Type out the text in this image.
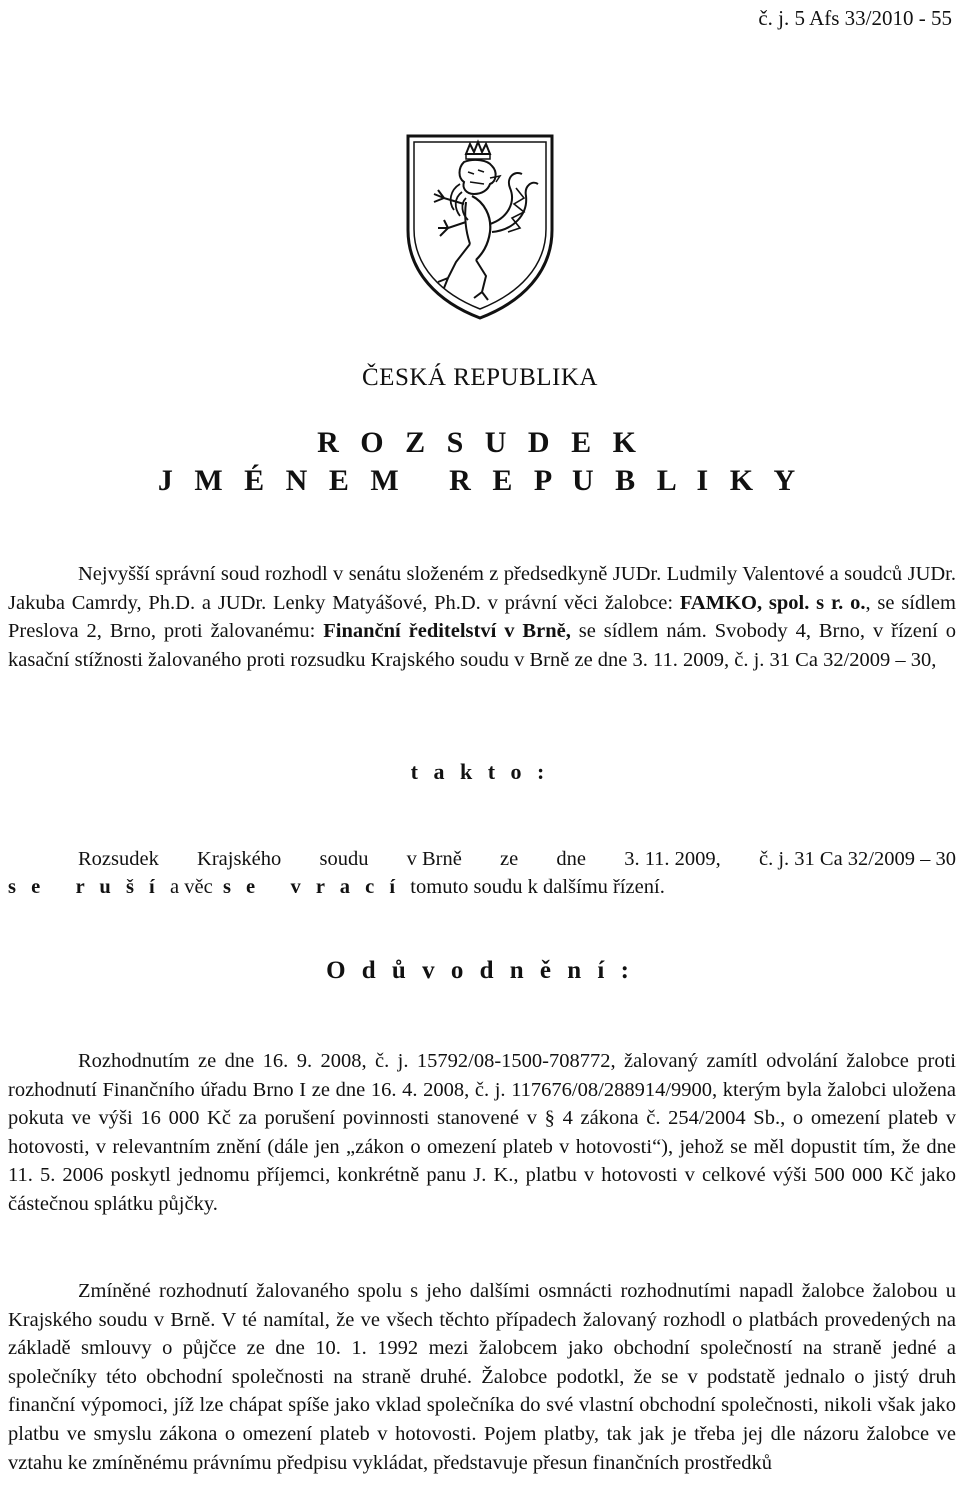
č. j. 5 Afs 33/2010 - 55
ČESKÁ REPUBLIKA
R O Z S U D E K
J M É N E M   R E P U B L I K Y

Nejvyšší správní soud rozhodl v senátu složeném z předsedkyně JUDr. Ludmily Valentové a soudců JUDr. Jakuba Camrdy, Ph.D. a JUDr. Lenky Matyášové, Ph.D. v právní věci žalobce: FAMKO, spol. s r. o., se sídlem Preslova 2, Brno, proti žalovanému: Finanční ředitelství v Brně, se sídlem nám. Svobody 4, Brno, v řízení o kasační stížnosti žalovaného proti rozsudku Krajského soudu v Brně ze dne 3. 11. 2009, č. j. 31 Ca 32/2009 – 30,

t a k t o :
Rozsudek Krajského soudu v Brně ze dne 3. 11. 2009, č. j. 31 Ca 32/2009 – 30
s e   r u š í  a věc  s e   v r a c í  tomuto soudu k dalšímu řízení.
O d ů v o d n ě n í :

Rozhodnutím ze dne 16. 9. 2008, č. j. 15792/08-1500-708772, žalovaný zamítl odvolání žalobce proti rozhodnutí Finančního úřadu Brno I ze dne 16. 4. 2008, č. j. 117676/08/288914/9900, kterým byla žalobci uložena pokuta ve výši 16 000 Kč za porušení povinnosti stanovené v § 4 zákona č. 254/2004 Sb., o omezení plateb v hotovosti, v relevantním znění (dále jen „zákon o omezení plateb v hotovosti“), jehož se měl dopustit tím, že dne 11. 5. 2006 poskytl jednomu příjemci, konkrétně panu J. K., platbu v hotovosti v celkové výši 500 000 Kč jako částečnou splátku půjčky.

Zmíněné rozhodnutí žalovaného spolu s jeho dalšími osmnácti rozhodnutími napadl žalobce žalobou u Krajského soudu v Brně. V té namítal, že ve všech těchto případech žalovaný rozhodl o platbách provedených na základě smlouvy o půjčce ze dne 10. 1. 1992 mezi žalobcem jako obchodní společností na straně jedné a společníky této obchodní společnosti na straně druhé. Žalobce podotkl, že se v podstatě jednalo o jistý druh finanční výpomoci, jíž lze chápat spíše jako vklad společníka do své vlastní obchodní společnosti, nikoli však jako platbu ve smyslu zákona o omezení plateb v hotovosti. Pojem platby, tak jak je třeba jej dle názoru žalobce ve vztahu ke zmíněnému právnímu předpisu vykládat, představuje přesun finančních prostředků
